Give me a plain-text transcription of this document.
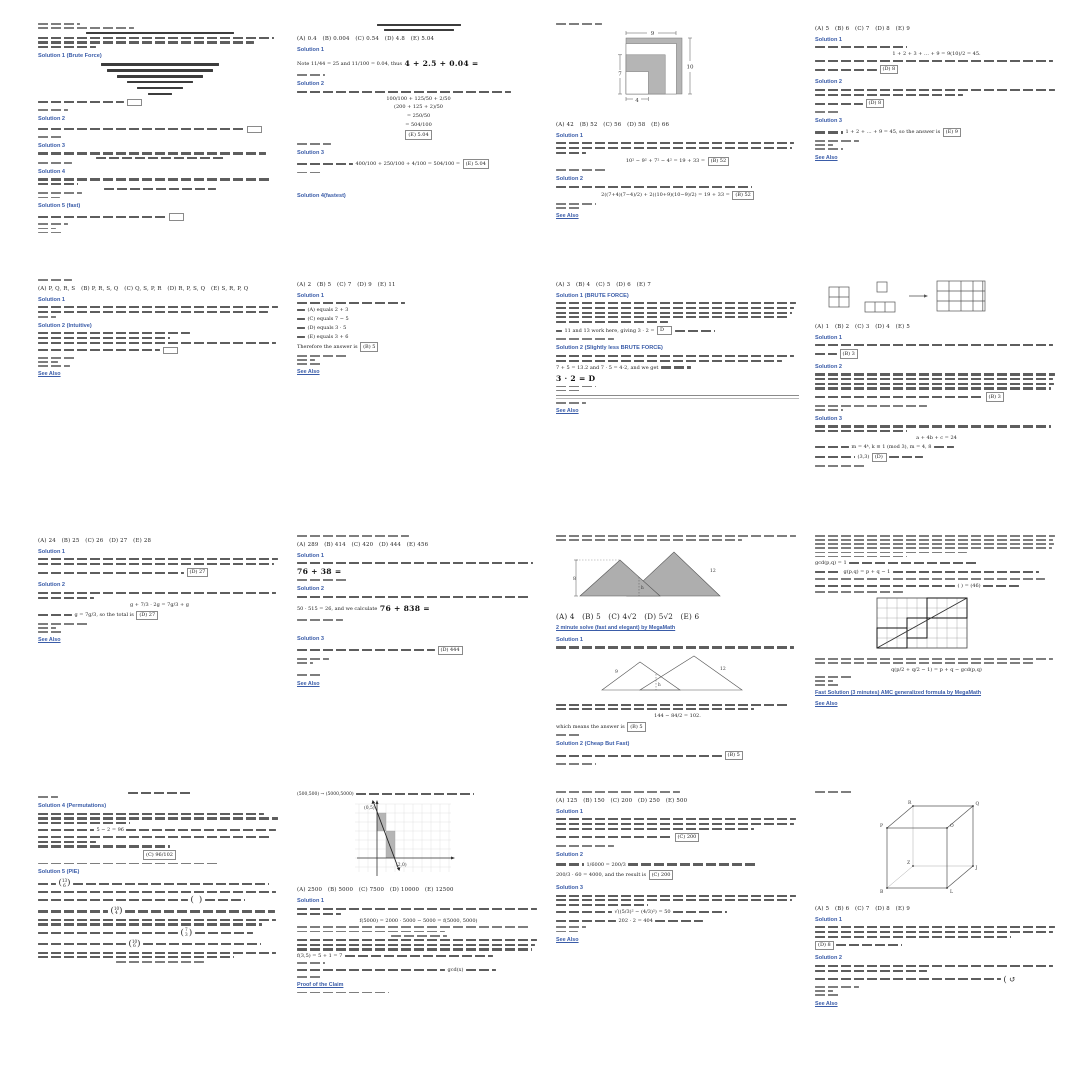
Solution 1 (Brute Force)
Solution 2
Solution 3
Solution 4
Solution 5 (fast)
(A) 0.4   (B) 0.004   (C) 0.54   (D) 4.8   (E) 5.04
Solution 1
Note 11/44 = 25 and 11/100 = 0.04, thus 4 + 2.5 + 0.04 =
Solution 2
100/100 + 125/50 + 2/50
(200 + 125 + 2)/50
= 250/50
= 504/100
(E) 5.04
Solution 3
400/100 + 250/100 + 4/100 = 504/100 =	(E) 5.04
Solution 4(fastest)
9
10
7
4
(A) 42   (B) 52   (C) 56   (D) 58   (E) 66
Solution 1
10² − 9² + 7² − 4² = 19 + 33 =	(B) 52
Solution 2
2((7+4)(7−4)/2) + 2((10+9)(10−9)/2) = 19 + 33 =	(B) 52
See Also
(A) 5   (B) 6   (C) 7   (D) 8   (E) 9
Solution 1
1 + 2 + 3 + … + 9 = 9(10)/2 = 45.
(D) 8
Solution 2
(D) 8
Solution 3
1 + 2 + … + 9 = 45, so the answer is	(E) 9
See Also
(A) P, Q, R, S   (B) P, R, S, Q   (C) Q, S, P, R   (D) R, P, S, Q   (E) S, R, P, Q
Solution 1
Solution 2 (Intuitive)
See Also
(A) 2   (B) 5   (C) 7   (D) 9   (E) 11
Solution 1
(A) equals 2 + 3
(C) equals 7 − 5
(D) equals 3 · 5
(E) equals 3 + 6
Therefore the answer is	(B) 5
See Also
(A) 3   (B) 4   (C) 5   (D) 6   (E) 7
Solution 1 (BRUTE FORCE)
11 and 13 work here, giving 3 · 2 =	D
Solution 2 (Slightly less BRUTE FORCE)
7 + 5 = 13.2 and 7 · 5 = 4·2, and we get
3 · 2 = D
See Also
(A) 1   (B) 2   (C) 3   (D) 4   (E) 5
Solution 1
(B) 3
Solution 2
(B) 3
Solution 3
a + 4b + c = 24
m = 4ᵏ, k ≡ 1 (mod 3), m = 4, 8
(3,3)	(D)
(A) 24   (B) 25   (C) 26   (D) 27   (E) 28
Solution 1
(D) 27
Solution 2
g + 7/3 · 2g = 7g/3 + g
g = 7g/3, so the total is	(D) 27
See Also
(A) 289   (B) 414   (C) 420   (D) 444   (E) 456
Solution 1
76 + 38 =
Solution 2
50 · 515 = 26, and we calculate 76 + 838 =
Solution 3
(D) 444
See Also
8
h
12
(A) 4   (B) 5   (C) 4√2   (D) 5√2   (E) 6
2 minute solve (fast and elegant) by MegaMath
Solution 1
9
12
h
144 − 84/2 = 102.
which means the answer is	(B) 5
Solution 2 (Cheap But Fast)
(B) 5
gcd(p,q) = 1
g(p,q) = p + q − 1
( ) = (46)
q(p/2 + q/2 − 1) = p + q − gcd(p,q)
Fast Solution (3 minutes) AMC generalized formula by MegaMath
See Also
Solution 4 (Permutations)
5 − 2 = 96
(C) 96/102
Solution 5 (PIE)
( 13
6 )
( )
( 10
4 )
( 7
3 )
( 10
6 )
(500,500) → (5000,5000)
(0,5)
(2,0)
(A) 2500   (B) 5000   (C) 7500   (D) 10000   (E) 12500
Solution 1
f(5000) = 2000 · 5000 − 5000 = f(5000, 5000)
f(3,5) = 5 + 1 = 7
gcd(x)
Proof of the Claim
(A) 125   (B) 150   (C) 200   (D) 250   (E) 500
Solution 1
(C) 200
Solution 2
1/6000 = 200/3
200/3 · 60 = 4000, and the result is	(C) 200
Solution 3
√((5/3)² − (4/3)²) = 50
202 · 2 = 404
See Also
P	O
R	Q
B	L
Z
J
(A) 5   (B) 6   (C) 7   (D) 8   (E) 9
Solution 1
(D) 8
Solution 2
( ↺
See Also
